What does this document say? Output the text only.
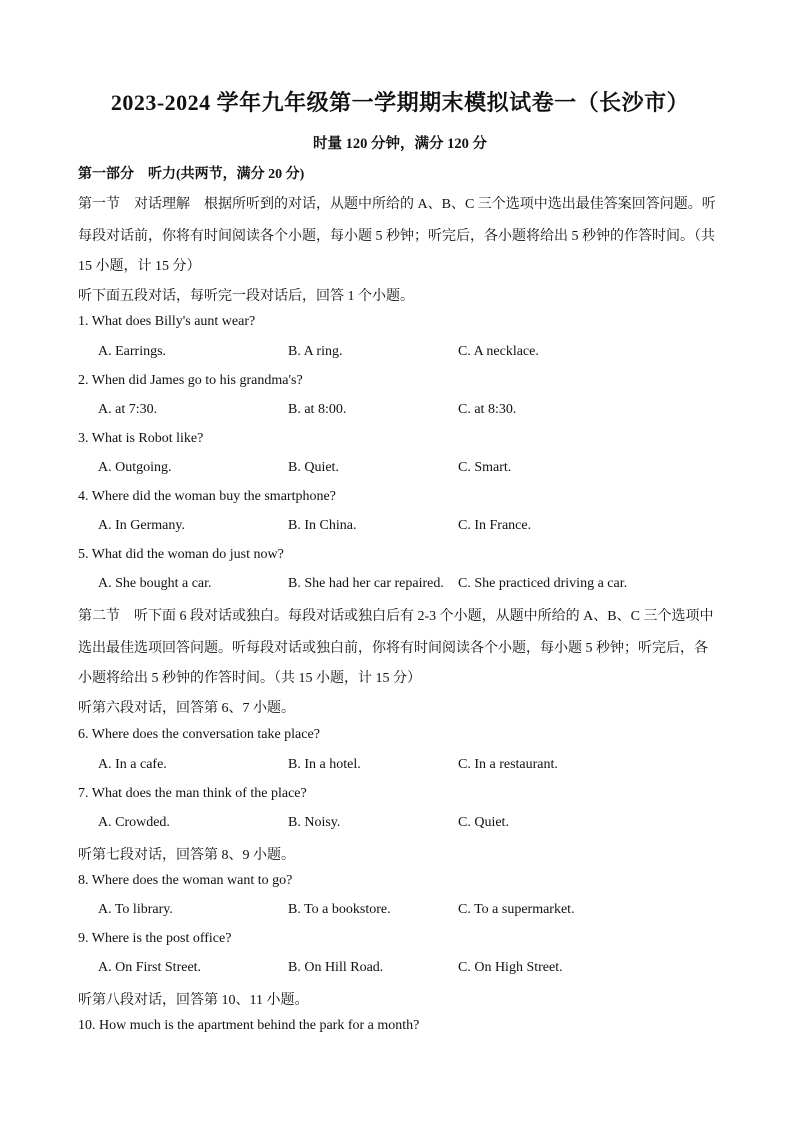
2023-2024 学年九年级第一学期期末模拟试卷一（长沙市）
时量 120 分钟，满分 120 分
第一部分　听力(共两节，满分 20 分)
第一节　对话理解　根据所听到的对话，从题中所给的 A、B、C 三个选项中选出最佳答案回答问题。听
每段对话前，你将有时间阅读各个小题，每小题 5 秒钟；听完后，各小题将给出 5 秒钟的作答时间。（共
15 小题，计 15 分）
听下面五段对话，每听完一段对话后，回答 1 个小题。
1. What does Billy's aunt wear?
A. Earrings.	B. A ring.	C. A necklace.
2. When did James go to his grandma's?
A. at 7:30.	B. at 8:00.	C. at 8:30.
3. What is Robot like?
A. Outgoing.	B. Quiet.	C. Smart.
4. Where did the woman buy the smartphone?
A. In Germany.	B. In China.	C. In France.
5. What did the woman do just now?
A. She bought a car.	B. She had her car repaired. C. She practiced driving a car.
第二节　听下面 6 段对话或独白。每段对话或独白后有 2-3 个小题，从题中所给的 A、B、C 三个选项中
选出最佳选项回答问题。听每段对话或独白前，你将有时间阅读各个小题，每小题 5 秒钟；听完后，各
小题将给出 5 秒钟的作答时间。（共 15 小题，计 15 分）
听第六段对话，回答第 6、7 小题。
6. Where does the conversation take place?
A. In a cafe.	B. In a hotel.	C. In a restaurant.
7. What does the man think of the place?
A. Crowded.	B. Noisy.	C. Quiet.
听第七段对话，回答第 8、9 小题。
8. Where does the woman want to go?
A. To library.	B. To a bookstore.	C. To a supermarket.
9. Where is the post office?
A. On First Street.	B. On Hill Road.	C. On High Street.
听第八段对话，回答第 10、11 小题。
10. How much is the apartment behind the park for a month?
